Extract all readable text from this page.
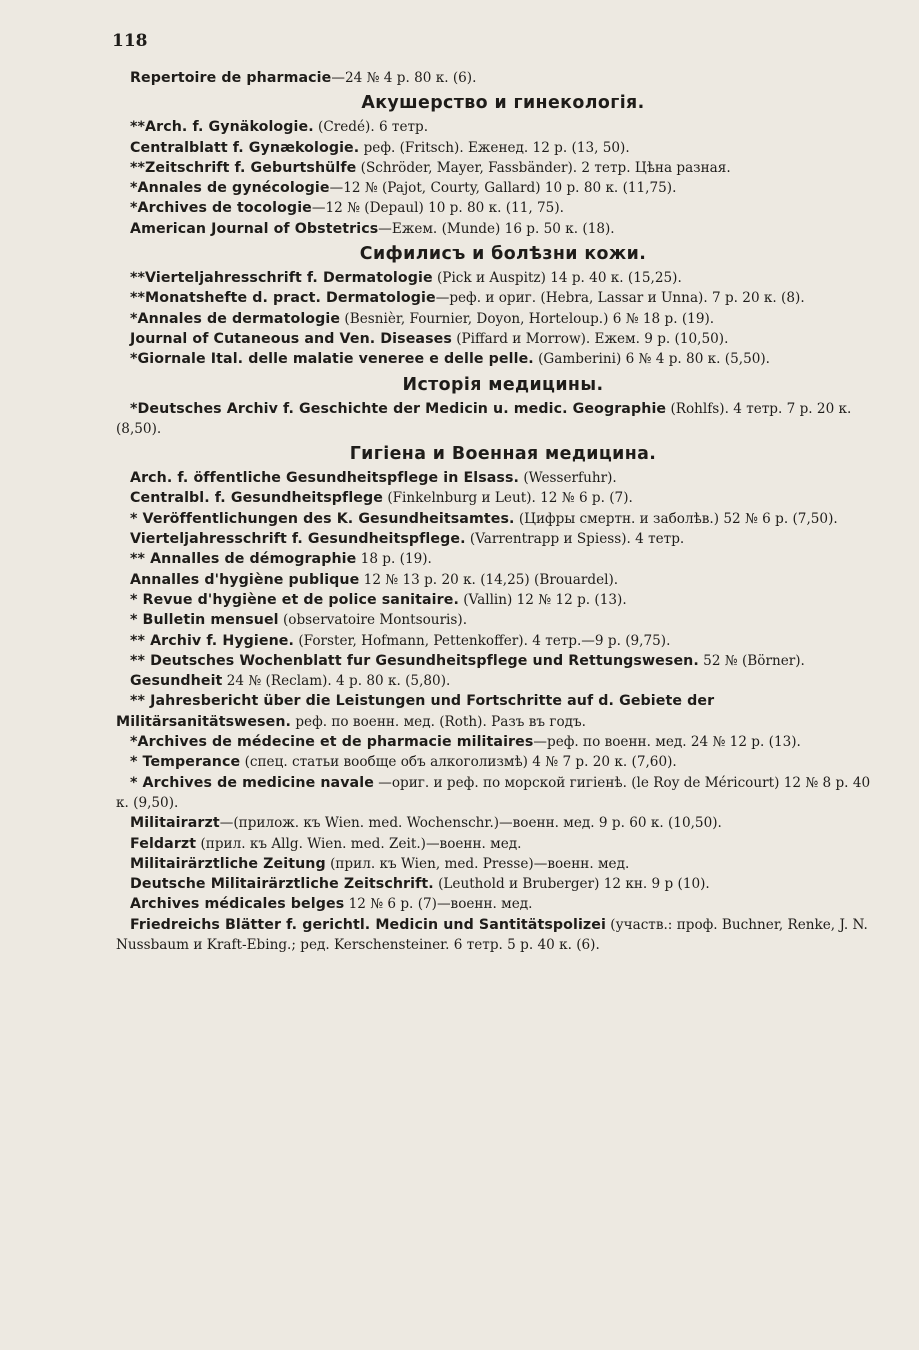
118

Repertoire de pharmacie—24 № 4 р. 80 к. (6).

Акушерство и гинекологія.

**Arch. f. Gynäkologie. (Credé). 6 тетр.

Centralblatt f. Gynækologie. реф. (Fritsch). Еженед. 12 р. (13, 50).

**Zeitschrift f. Geburtshülfe (Schröder, Mayer, Fassbänder). 2 тетр. Цѣна разная.

*Annales de gynécologie—12 № (Pajot, Courty, Gallard) 10 р. 80 к. (11,75).

*Archives de tocologie—12 № (Depaul) 10 р. 80 к. (11, 75).

American Journal of Obstetrics—Ежем. (Munde) 16 р. 50 к. (18).

Сифилисъ и болѣзни кожи.

**Vierteljahresschrift f. Dermatologie (Pick и Auspitz) 14 р. 40 к. (15,25).

**Monatshefte d. pract. Dermatologie—реф. и ориг. (Hebra, Lassar и Unna). 7 р. 20 к. (8).

*Annales de dermatologie (Besnièr, Fournier, Doyon, Horteloup.) 6 № 18 р. (19).

Journal of Cutaneous and Ven. Diseases (Piffard и Morrow). Ежем. 9 р. (10,50).

*Giornale Ital. delle malatie veneree e delle pelle. (Gamberini) 6 № 4 р. 80 к. (5,50).

Исторія медицины.

*Deutsches Archiv f. Geschichte der Medicin u. medic. Geographie (Rohlfs). 4 тетр. 7 р. 20 к. (8,50).

Гигіена и Военная медицина.

Arch. f. öffentliche Gesundheitspflege in Elsass. (Wesserfuhr).

Centralbl. f. Gesundheitspflege (Finkelnburg и Leut). 12 № 6 р. (7).

* Veröffentlichungen des K. Gesundheitsamtes. (Цифры смертн. и заболѣв.) 52 № 6 р. (7,50).

Vierteljahresschrift f. Gesundheitspflege. (Varrentrapp и Spiess). 4 тетр.

** Annalles de démographie 18 р. (19).

Annalles d'hygiène publique 12 № 13 р. 20 к. (14,25) (Brouardel).

* Revue d'hygiène et de police sanitaire. (Vallin) 12 № 12 р. (13).

* Bulletin mensuel (observatoire Montsouris).

** Archiv f. Hygiene. (Forster, Hofmann, Pettenkoffer). 4 тетр.—9 р. (9,75).

** Deutsches Wochenblatt fur Gesundheitspflege und Rettungswesen. 52 № (Börner).

Gesundheit 24 № (Reclam). 4 р. 80 к. (5,80).

** Jahresbericht über die Leistungen und Fortschritte auf d. Gebiete der Militärsanitätswesen. реф. по военн. мед. (Roth). Разъ въ годъ.

*Archives de médecine et de pharmacie militaires—реф. по военн. мед. 24 № 12 р. (13).

* Temperance (спец. статьи вообще объ алкоголизмѣ) 4 № 7 р. 20 к. (7,60).

* Archives de medicine navale —ориг. и реф. по морской гигіенѣ. (le Roy de Méricourt) 12 № 8 р. 40 к. (9,50).

Militairarzt—(прилож. къ Wien. med. Wochenschr.)—военн. мед. 9 р. 60 к. (10,50).

Feldarzt (прил. къ Allg. Wien. med. Zeit.)—военн. мед.

Militairärztliche Zeitung (прил. къ Wien, med. Presse)—военн. мед.

Deutsche Militairärztliche Zeitschrift. (Leuthold и Bruberger) 12 кн. 9 р (10).

Archives médicales belges 12 № 6 р. (7)—военн. мед.

Friedreichs Blätter f. gerichtl. Medicin und Santitätspolizei (участв.: проф. Buchner, Renke, J. N. Nussbaum и Kraft-Ebing.; ред. Kerschensteiner. 6 тетр. 5 р. 40 к. (6).
